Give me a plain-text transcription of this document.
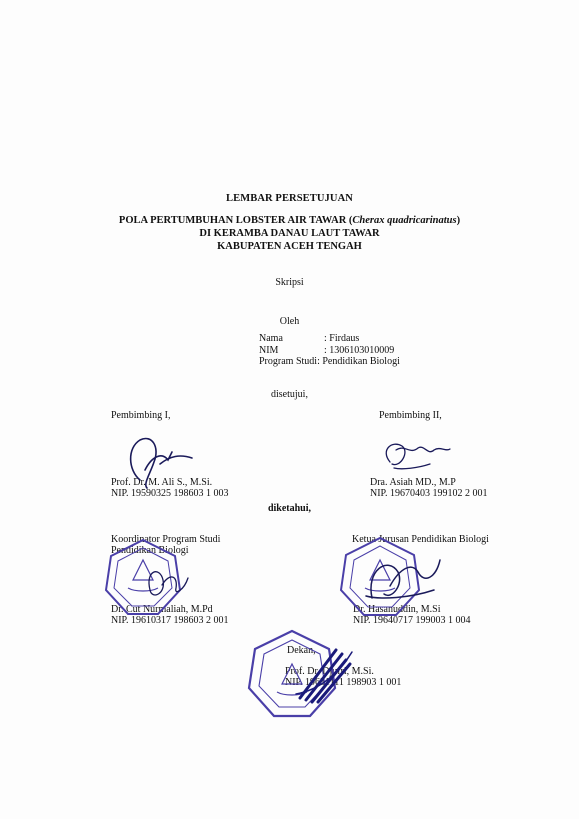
LEMBAR PERSETUJUAN
POLA PERTUMBUHAN LOBSTER AIR TAWAR (Cherax quadricarinatus)
DI KERAMBA DANAU LAUT TAWAR
KABUPATEN ACEH TENGAH
Skripsi
Oleh
Nama	: Firdaus
NIM	: 1306103010009
Program Studi : Pendidikan Biologi
disetujui,
Pembimbing I,
Prof. Dr. M. Ali S., M.Si.
NIP. 19590325 198603 1 003
Pembimbing II,
Dra. Asiah MD., M.P
NIP. 19670403 199102 2 001
diketahui,
Koordinator Program Studi
Pendidikan Biologi
Dr. Cut Nurmaliah, M.Pd
NIP. 19610317 198603 2 001
Ketua Jurusan Pendidikan Biologi
Dr. Hasanuddin, M.Si
NIP. 19640717 199003 1 004
Dekan,
Prof. Dr. Djufri, M.Si.
NIP. 19631111 198903 1 001
